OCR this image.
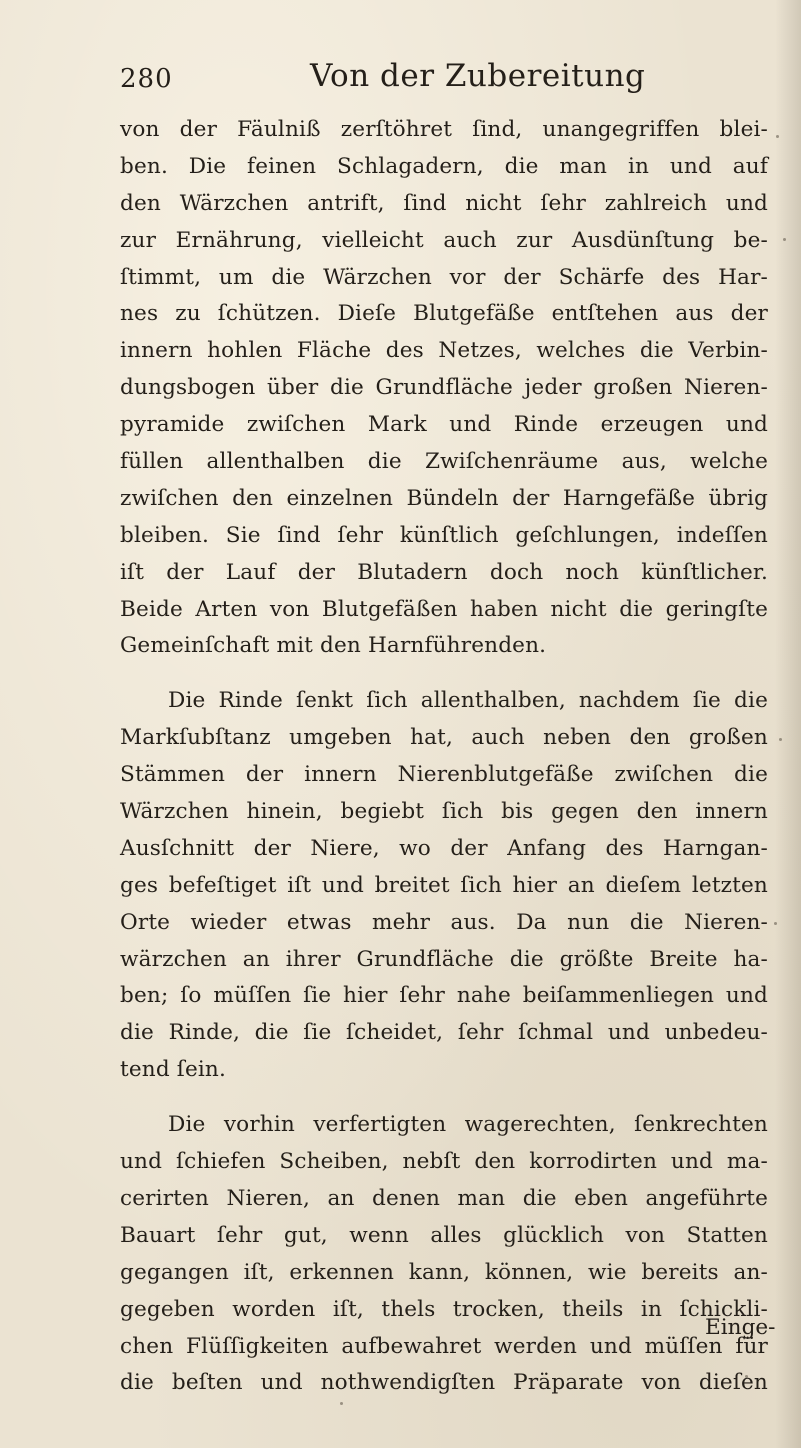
280	Von der Zubereitung
von der Fäulniß zerſtöhret ſind, unangegriffen blei-
ben. Die feinen Schlagadern, die man in und auf
den Wärzchen antrift, ſind nicht ſehr zahlreich und
zur Ernährung, vielleicht auch zur Ausdünſtung be-
ſtimmt, um die Wärzchen vor der Schärfe des Har-
nes zu ſchützen. Dieſe Blutgefäße entſtehen aus der
innern hohlen Fläche des Netzes, welches die Verbin-
dungsbogen über die Grundfläche jeder großen Nieren-
pyramide zwiſchen Mark und Rinde erzeugen und
füllen allenthalben die Zwiſchenräume aus, welche
zwiſchen den einzelnen Bündeln der Harngefäße übrig
bleiben. Sie ſind ſehr künſtlich geſchlungen, indeſſen
iſt der Lauf der Blutadern doch noch künſtlicher.
Beide Arten von Blutgefäßen haben nicht die geringſte
Gemeinſchaft mit den Harnführenden.
Die Rinde ſenkt ſich allenthalben, nachdem ſie die
Markſubſtanz umgeben hat, auch neben den großen
Stämmen der innern Nierenblutgefäße zwiſchen die
Wärzchen hinein, begiebt ſich bis gegen den innern
Ausſchnitt der Niere, wo der Anfang des Harngan-
ges befeſtiget iſt und breitet ſich hier an dieſem letzten
Orte wieder etwas mehr aus. Da nun die Nieren-
wärzchen an ihrer Grundfläche die größte Breite ha-
ben; ſo müſſen ſie hier ſehr nahe beiſammenliegen und
die Rinde, die ſie ſcheidet, ſehr ſchmal und unbedeu-
tend ſein.
Die vorhin verfertigten wagerechten, ſenkrechten
und ſchiefen Scheiben, nebſt den korrodirten und ma-
cerirten Nieren, an denen man die eben angeführte
Bauart ſehr gut, wenn alles glücklich von Statten
gegangen iſt, erkennen kann, können, wie bereits an-
gegeben worden iſt, thels trocken, theils in ſchickli-
chen Flüſſigkeiten aufbewahret werden und müſſen für
die beſten und nothwendigſten Präparate von dieſen
Einge-
